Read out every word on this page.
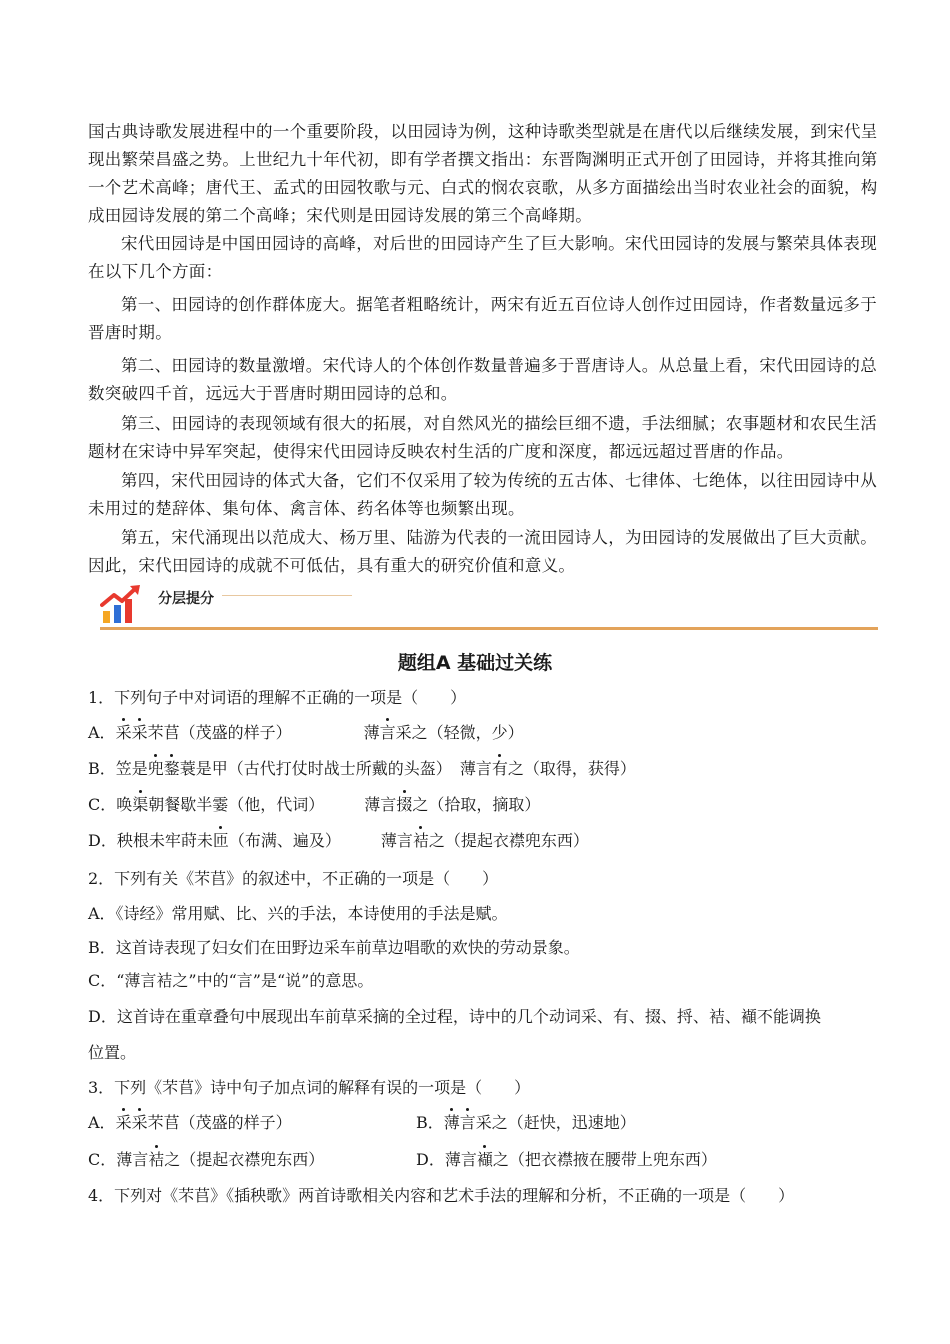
国古典诗歌发展进程中的一个重要阶段，以田园诗为例，这种诗歌类型就是在唐代以后继续发展，到宋代呈现出繁荣昌盛之势。上世纪九十年代初，即有学者撰文指出：东晋陶渊明正式开创了田园诗，并将其推向第一个艺术高峰；唐代王、孟式的田园牧歌与元、白式的悯农哀歌，从多方面描绘出当时农业社会的面貌，构成田园诗发展的第二个高峰；宋代则是田园诗发展的第三个高峰期。
宋代田园诗是中国田园诗的高峰，对后世的田园诗产生了巨大影响。宋代田园诗的发展与繁荣具体表现在以下几个方面：
第一、田园诗的创作群体庞大。据笔者粗略统计，两宋有近五百位诗人创作过田园诗，作者数量远多于晋唐时期。
第二、田园诗的数量激增。宋代诗人的个体创作数量普遍多于晋唐诗人。从总量上看，宋代田园诗的总数突破四千首，远远大于晋唐时期田园诗的总和。
第三、田园诗的表现领域有很大的拓展，对自然风光的描绘巨细不遗，手法细腻；农事题材和农民生活题材在宋诗中异军突起，使得宋代田园诗反映农村生活的广度和深度，都远远超过晋唐的作品。
第四，宋代田园诗的体式大备，它们不仅采用了较为传统的五古体、七律体、七绝体，以往田园诗中从未用过的楚辞体、集句体、禽言体、药名体等也频繁出现。
第五，宋代涌现出以范成大、杨万里、陆游为代表的一流田园诗人，为田园诗的发展做出了巨大贡献。因此，宋代田园诗的成就不可低估，具有重大的研究价值和意义。
分层提分
题组A 基础过关练
1．下列句子中对词语的理解不正确的一项是（　　）
A．采采芣苢（茂盛的样子）　　　　　	薄言采之（轻微，少）
B．笠是兜鍪蓑是甲（古代打仗时战士所戴的头盔）　薄言有之（取得，获得）
C．唤渠朝餐歇半霎（他，代词）　　　薄言掇之（拾取，摘取）
D．秧根未牢莳未匝（布满、遍及）　　　薄言袺之（提起衣襟兜东西）
2．下列有关《芣苢》的叙述中，不正确的一项是（　　）
A．《诗经》常用赋、比、兴的手法，本诗使用的手法是赋。
B．这首诗表现了妇女们在田野边采车前草边唱歌的欢快的劳动景象。
C．“薄言袺之”中的“言”是“说”的意思。
D．这首诗在重章叠句中展现出车前草采摘的全过程，诗中的几个动词采、有、掇、捋、袺、襭不能调换
位置。
3．下列《芣苢》诗中句子加点词的解释有误的一项是（　　）
A．采采芣苢（茂盛的样子）	B．薄言采之（赶快，迅速地）
C．薄言袺之（提起衣襟兜东西）	D．薄言襭之（把衣襟掖在腰带上兜东西）
4．下列对《芣苢》《插秧歌》两首诗歌相关内容和艺术手法的理解和分析，不正确的一项是（　　）
